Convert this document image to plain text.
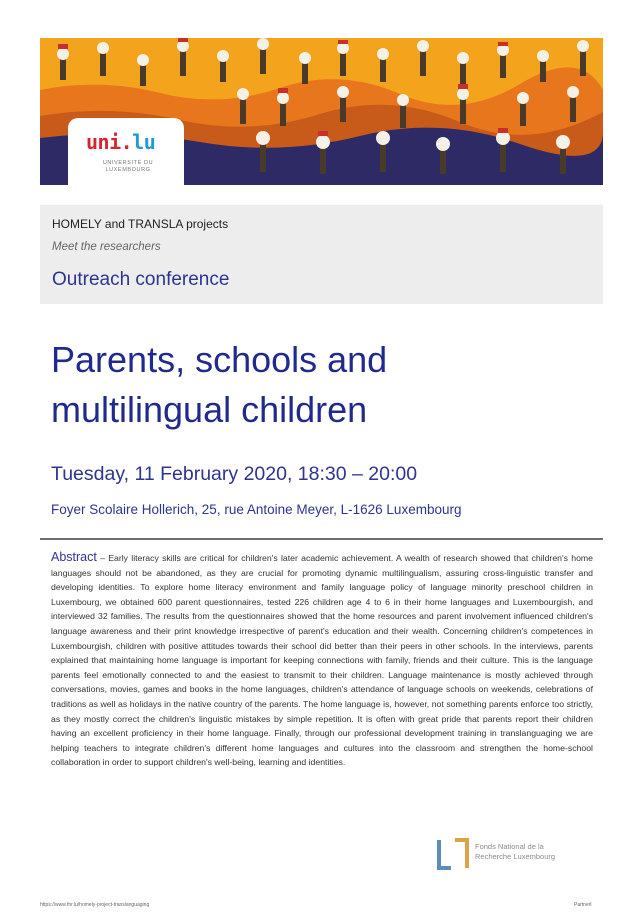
uni.lu
UNIVERSITÉ DU
LUXEMBOURG
HOMELY and TRANSLA projects
Meet the researchers
Outreach conference
Parents, schools and
multilingual children
Tuesday, 11 February 2020, 18:30 – 20:00
Foyer Scolaire Hollerich, 25, rue Antoine Meyer, L-1626 Luxembourg
Abstract – Early literacy skills are critical for children's later academic achievement. A wealth of research showed that children's home languages should not be abandoned, as they are crucial for promoting dynamic multilingualism, assuring cross-linguistic transfer and developing identities. To explore home literacy environment and family language policy of language minority preschool children in Luxembourg, we obtained 600 parent questionnaires, tested 226 children age 4 to 6 in their home languages and Luxembourgish, and interviewed 32 families. The results from the questionnaires showed that the home resources and parent involvement influenced children's language awareness and their print knowledge irrespective of parent's education and their wealth. Concerning children's competences in Luxembourgish, children with positive attitudes towards their school did better than their peers in other schools. In the interviews, parents explained that maintaining home language is important for keeping connections with family, friends and their culture. This is the language parents feel emotionally connected to and the easiest to transmit to their children. Language maintenance is mostly achieved through conversations, movies, games and books in the home languages, children's attendance of language schools on weekends, celebrations of traditions as well as holidays in the native country of the parents. The home language is, however, not something parents enforce too strictly, as they mostly correct the children's linguistic mistakes by simple repetition. It is often with great pride that parents report their children having an excellent proficiency in their home language. Finally, through our professional development training in translanguaging we are helping teachers to integrate children's different home languages and cultures into the classroom and strengthen the home-school collaboration in order to support children's well-being, learning and identities.
Fonds National de la
Recherche Luxembourg
https://www.fnr.lu/homely-project-translanguaging	Partnerl
